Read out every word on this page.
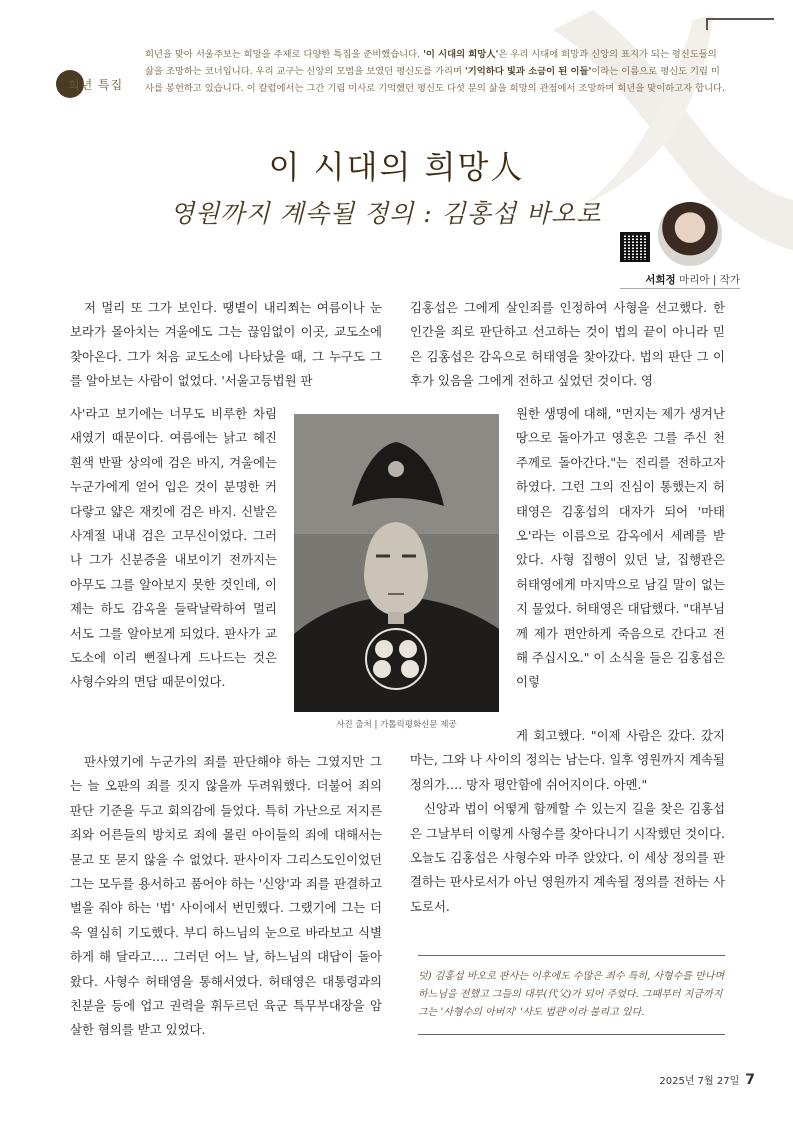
희년 특집
희년을 맞아 서울주보는 희망을 주제로 다양한 특집을 준비했습니다. '이 시대의 희망人'은 우리 시대에 희망과 신앙의 표지가 되는 평신도들의 삶을 조망하는 코너입니다. 우리 교구는 신앙의 모범을 보였던 평신도를 가리며 '기억하다 빛과 소금이 된 이들'이라는 이름으로 평신도 기림 미사를 봉헌하고 있습니다. 이 칼럼에서는 그간 기림 미사로 기억했던 평신도 다섯 분의 삶을 희망의 관점에서 조망하며 희년을 맞이하고자 합니다.
이 시대의 희망人
영원까지 계속될 정의 : 김홍섭 바오로
서희정 마리아 | 작가

저 멀리 또 그가 보인다. 땡볕이 내리쬐는 여름이나 눈보라가 몰아치는 겨울에도 그는 끊임없이 이곳, 교도소에 찾아온다. 그가 처음 교도소에 나타났을 때, 그 누구도 그를 알아보는 사람이 없었다. '서울고등법원 판

사'라고 보기에는 너무도 비루한 차림새였기 때문이다. 여름에는 낡고 헤진 흰색 반팔 상의에 검은 바지, 겨울에는 누군가에게 얻어 입은 것이 분명한 커다랗고 얇은 재킷에 검은 바지. 신발은 사계절 내내 검은 고무신이었다. 그러나 그가 신분증을 내보이기 전까지는 아무도 그를 알아보지 못한 것인데, 이제는 하도 감옥을 들락날락하여 멀리서도 그를 알아보게 되었다. 판사가 교도소에 이리 뻔질나게 드나드는 것은 사형수와의 면담 때문이었다.

판사였기에 누군가의 죄를 판단해야 하는 그였지만 그는 늘 오판의 죄를 짓지 않을까 두려워했다. 더불어 죄의 판단 기준을 두고 회의감에 들었다. 특히 가난으로 저지른 죄와 어른들의 방치로 죄에 몰린 아이들의 죄에 대해서는 묻고 또 묻지 않을 수 없었다. 판사이자 그리스도인이었던 그는 모두를 용서하고 품어야 하는 '신앙'과 죄를 판결하고 벌을 줘야 하는 '법' 사이에서 번민했다. 그랬기에 그는 더욱 열심히 기도했다. 부디 하느님의 눈으로 바라보고 식별하게 해 달라고…. 그러던 어느 날, 하느님의 대답이 돌아왔다. 사형수 허태영을 통해서였다. 허태영은 대통령과의 친분을 등에 업고 권력을 휘두르던 육군 특무부대장을 암살한 혐의를 받고 있었다.

김홍섭은 그에게 살인죄를 인정하여 사형을 선고했다. 한 인간을 죄로 판단하고 선고하는 것이 법의 끝이 아니라 믿은 김홍섭은 감옥으로 허태영을 찾아갔다. 법의 판단 그 이후가 있음을 그에게 전하고 싶었던 것이다. 영

원한 생명에 대해, "먼지는 제가 생겨난 땅으로 돌아가고 영혼은 그를 주신 천주께로 돌아간다."는 진리를 전하고자 하였다. 그런 그의 진심이 통했는지 허태영은 김홍섭의 대자가 되어 '마태오'라는 이름으로 감옥에서 세례를 받았다. 사형 집행이 있던 날, 집행관은 허태영에게 마지막으로 남길 말이 없는지 물었다. 허태영은 대답했다. "대부님께 제가 편안하게 죽음으로 간다고 전해 주십시오." 이 소식을 들은 김홍섭은 이렇

게 회고했다. "이제 사람은 갔다. 갔지마는, 그와 나 사이의 정의는 남는다. 일후 영원까지 계속될 정의가…. 망자 평안함에 쉬어지이다. 아멘."

신앙과 법이 어떻게 함께할 수 있는지 길을 찾은 김홍섭은 그날부터 이렇게 사형수를 찾아다니기 시작했던 것이다. 오늘도 김홍섭은 사형수와 마주 앉았다. 이 세상 정의를 판결하는 판사로서가 아닌 영원까지 계속될 정의를 전하는 사도로서.

사진 출처 | 가톨릭평화신문 제공

덧) 김홍섭 바오로 판사는 이후에도 수많은 죄수 특히, 사형수를 만나며 하느님을 전했고 그들의 대부(代父)가 되어 주었다. 그때부터 지금까지 그는 '사형수의 아버지' '사도 법관'이라 불리고 있다.

2025년 7월 27일 7
